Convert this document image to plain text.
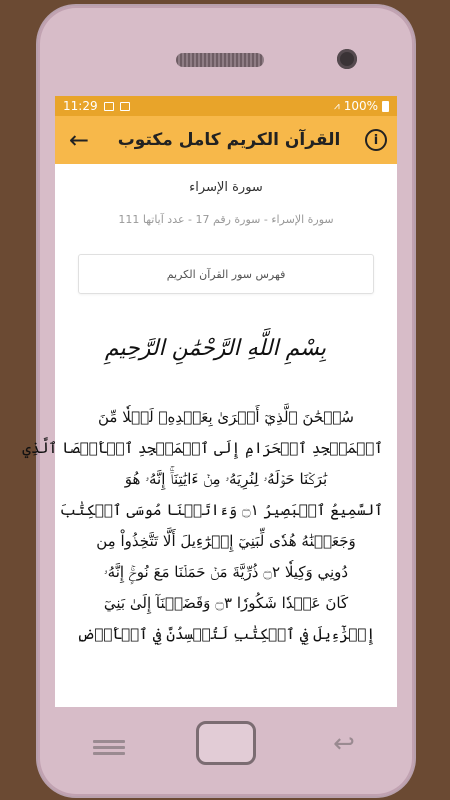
11:29	⩘ 100%
←	القرآن الكريم كامل مكتوب	i
سورة الإسراء
سورة الإسراء - سورة رقم 17 - عدد آياتها 111
فهرس سور القرآن الكريم
بِسْمِ اللَّهِ الرَّحْمَٰنِ الرَّحِيمِ
سُبۡحَٰنَ ٱلَّذِيٓ أَسۡرَىٰ بِعَبۡدِهِۦ لَيۡلٗا مِّنَ
ٱلۡمَسۡجِدِ ٱلۡحَرَامِ إِلَى ٱلۡمَسۡجِدِ ٱلۡأَقۡصَا ٱلَّذِي
بَٰرَكۡنَا حَوۡلَهُۥ لِنُرِيَهُۥ مِنۡ ءَايَٰتِنَآۚ إِنَّهُۥ هُوَ
ٱلسَّمِيعُ ٱلۡبَصِيرُ ۝١ وَءَاتَيۡنَا مُوسَى ٱلۡكِتَٰبَ
وَجَعَلۡنَٰهُ هُدٗى لِّبَنِيٓ إِسۡرَٰٓءِيلَ أَلَّا تَتَّخِذُواْ مِن
دُونِي وَكِيلٗا ۝٢ ذُرِّيَّةَ مَنۡ حَمَلۡنَا مَعَ نُوحٍۚ إِنَّهُۥ
كَانَ عَبۡدٗا شَكُورٗا ۝٣ وَقَضَيۡنَآ إِلَىٰ بَنِيٓ
إِسۡرَٰٓءِيلَ فِي ٱلۡكِتَٰبِ لَتُفۡسِدُنَّ فِي ٱلۡأَرۡضِ
↩
